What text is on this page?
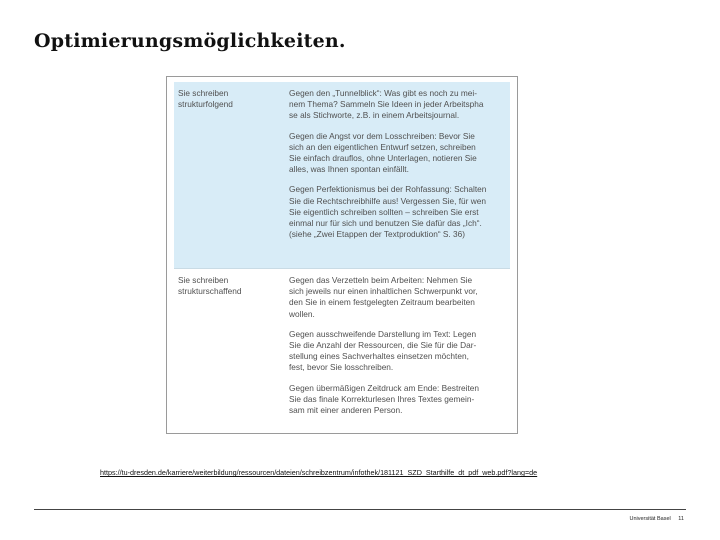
Optimierungsmöglichkeiten.
Sie schreiben
strukturfolgend

Gegen den „Tunnelblick“: Was gibt es noch zu mei-
nem Thema? Sammeln Sie Ideen in jeder Arbeitspha
se als Stichworte, z.B. in einem Arbeitsjournal.

Gegen die Angst vor dem Losschreiben: Bevor Sie
sich an den eigentlichen Entwurf setzen, schreiben
Sie einfach drauflos, ohne Unterlagen, notieren Sie
alles, was Ihnen spontan einfällt.

Gegen Perfektionismus bei der Rohfassung: Schalten
Sie die Rechtschreibhilfe aus! Vergessen Sie, für wen
Sie eigentlich schreiben sollten – schreiben Sie erst
einmal nur für sich und benutzen Sie dafür das „Ich“.
(siehe „Zwei Etappen der Textproduktion“ S. 36)

Sie schreiben
strukturschaffend

Gegen das Verzetteln beim Arbeiten: Nehmen Sie
sich jeweils nur einen inhaltlichen Schwerpunkt vor,
den Sie in einem festgelegten Zeitraum bearbeiten
wollen.

Gegen ausschweifende Darstellung im Text: Legen
Sie die Anzahl der Ressourcen, die Sie für die Dar-
stellung eines Sachverhaltes einsetzen möchten,
fest, bevor Sie losschreiben.

Gegen übermäßigen Zeitdruck am Ende: Bestreiten
Sie das finale Korrekturlesen Ihres Textes gemein-
sam mit einer anderen Person.

https://tu-dresden.de/karriere/weiterbildung/ressourcen/dateien/schreibzentrum/infothek/181121_SZD_Starthilfe_dt_pdf_web.pdf?lang=de
Universität Basel 11
